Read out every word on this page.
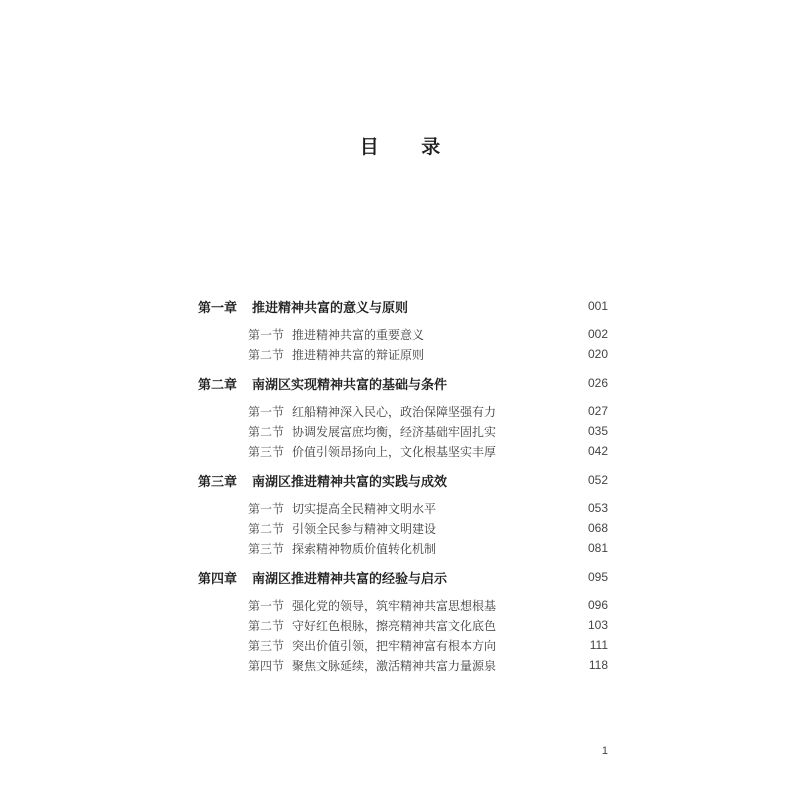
目 录
第一章	推进精神共富的意义与原则	001
第一节 推进精神共富的重要意义	002
第二节 推进精神共富的辩证原则	020
第二章	南湖区实现精神共富的基础与条件	026
第一节 红船精神深入民心，政治保障坚强有力	027
第二节 协调发展富庶均衡，经济基础牢固扎实	035
第三节 价值引领昂扬向上，文化根基坚实丰厚	042
第三章	南湖区推进精神共富的实践与成效	052
第一节 切实提高全民精神文明水平	053
第二节 引领全民参与精神文明建设	068
第三节 探索精神物质价值转化机制	081
第四章	南湖区推进精神共富的经验与启示	095
第一节 强化党的领导，筑牢精神共富思想根基	096
第二节 守好红色根脉，擦亮精神共富文化底色	103
第三节 突出价值引领，把牢精神富有根本方向	111
第四节 聚焦文脉延续，激活精神共富力量源泉	118
1
